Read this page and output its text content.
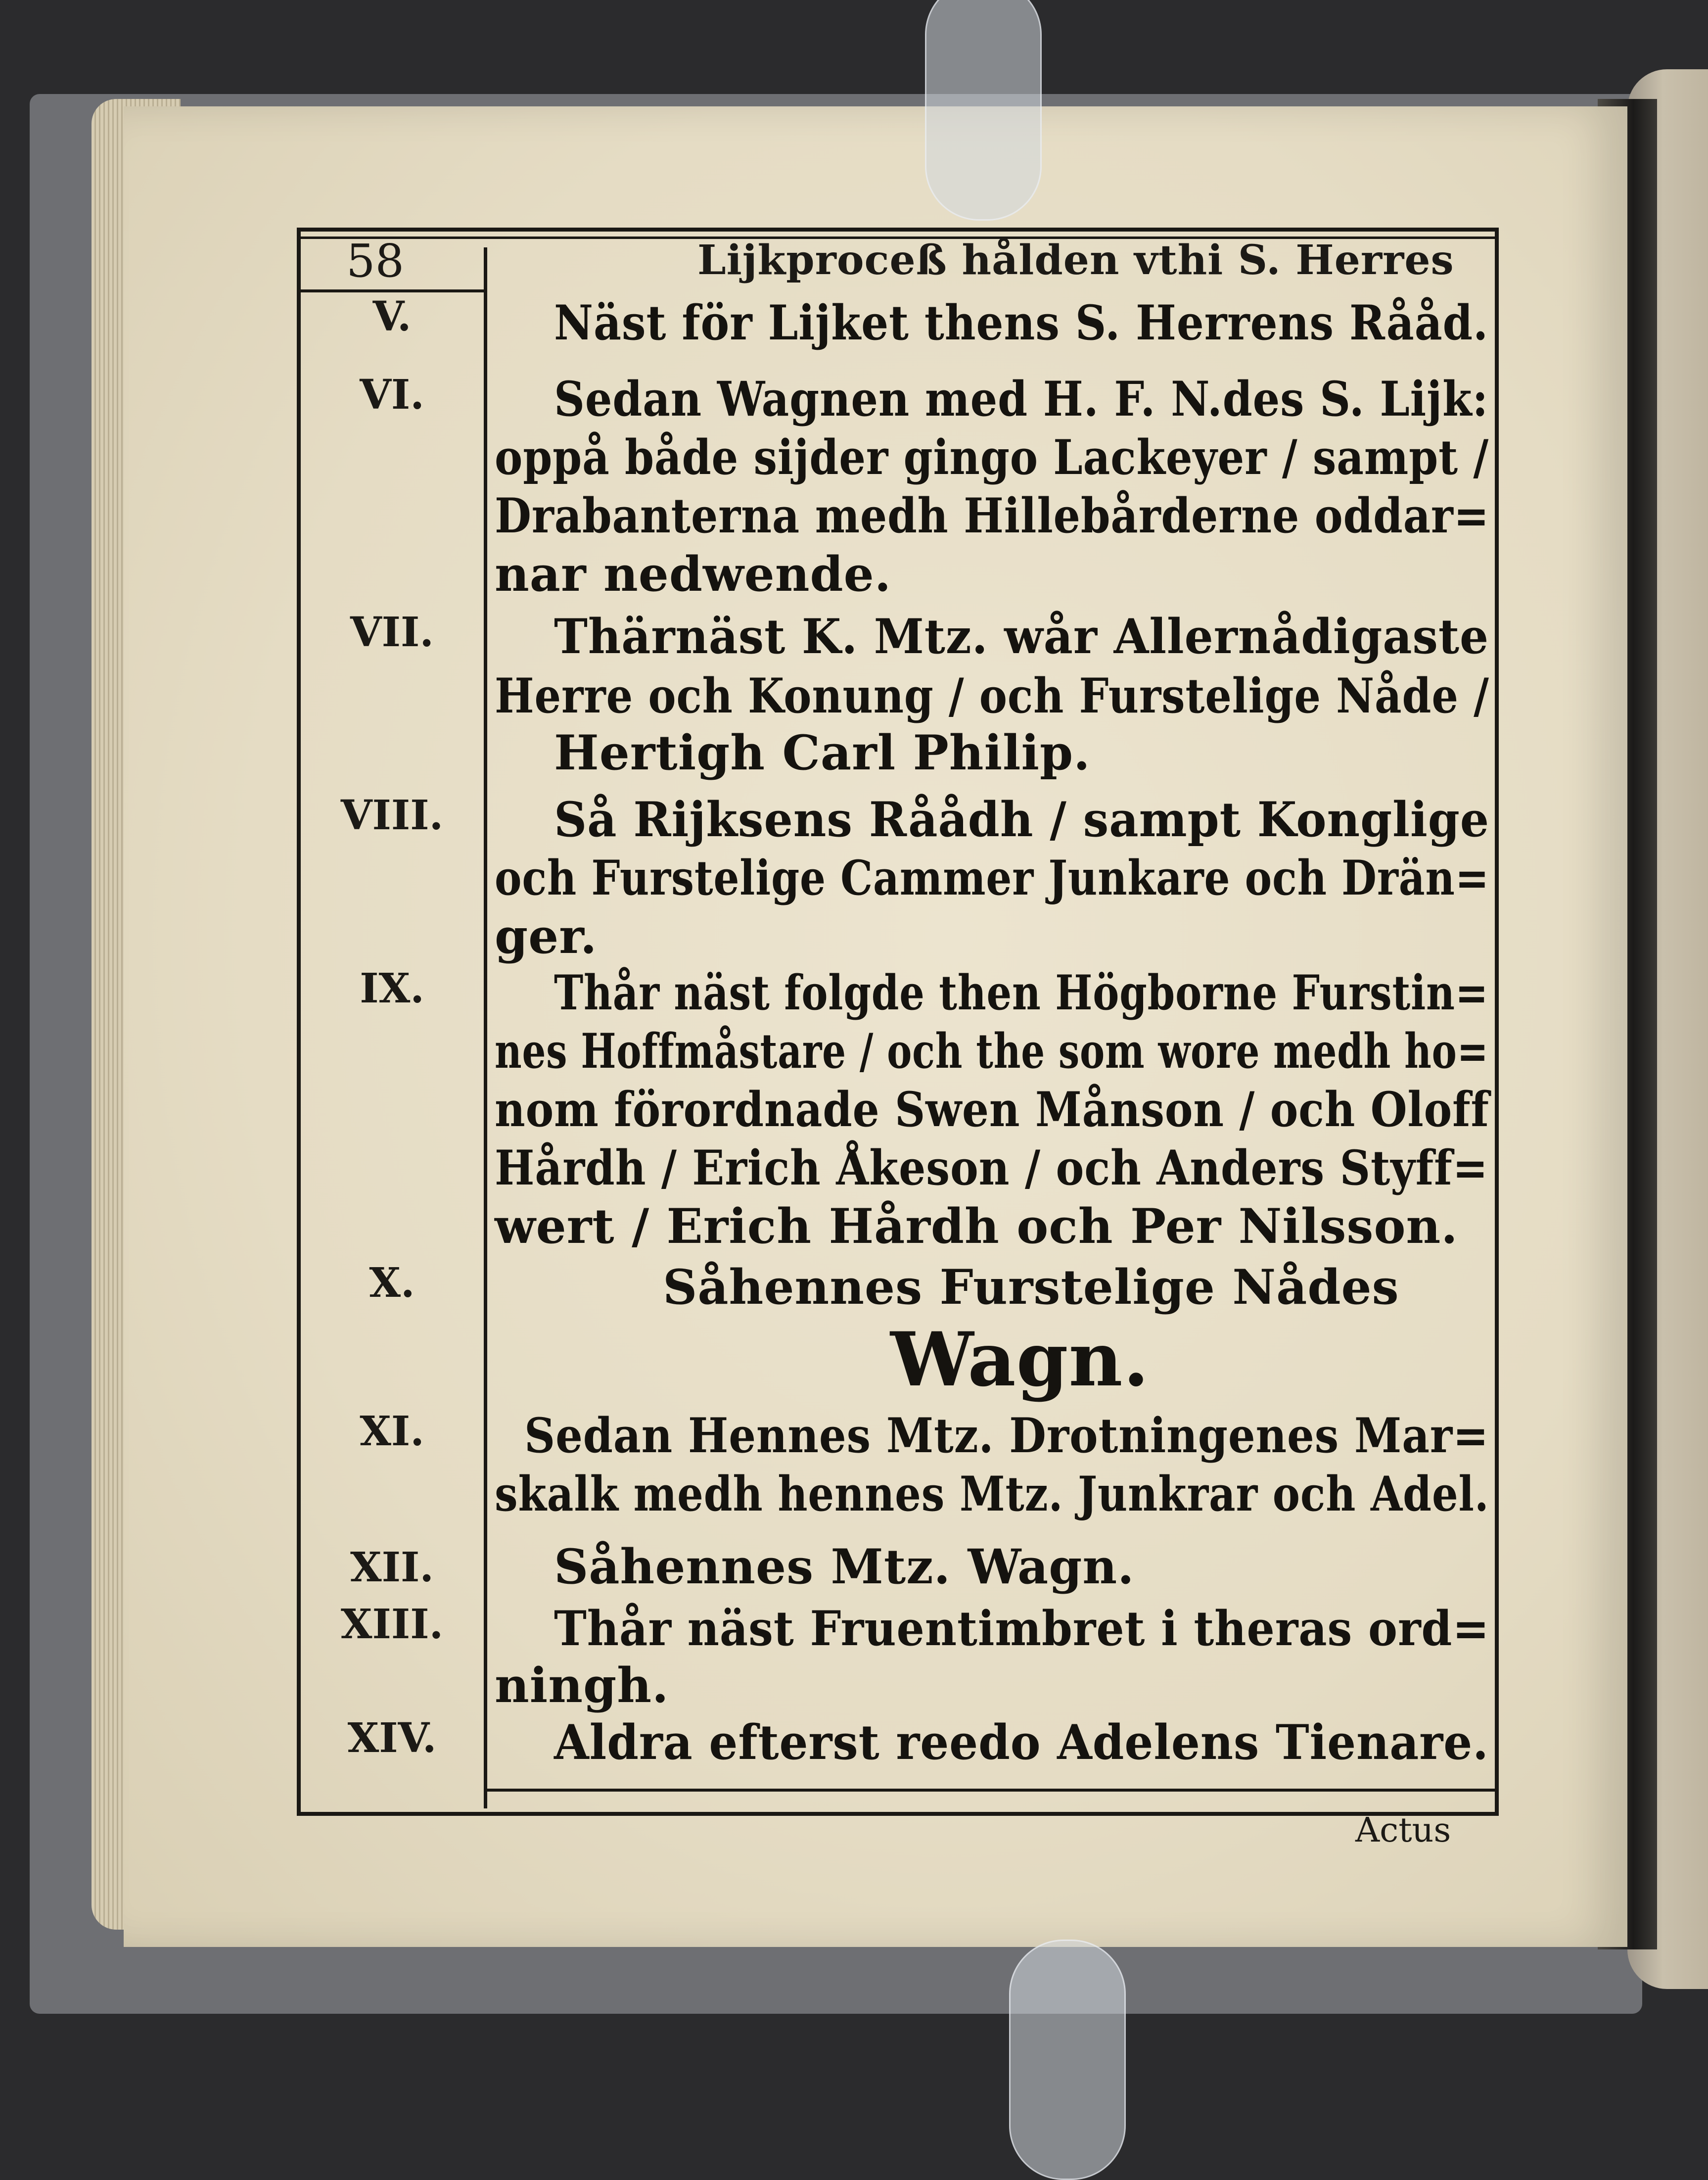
58	Lijkproceß hålden vthi S. Herres
V.
VI.
VII.
VIII.
IX.
X.
XI.
XII.
XIII.
XIV.
Näst för Lijket thens S. Herrens Rååd.
Sedan Wagnen med H. F. N.des S. Lijk:
oppå både sijder gingo Lackeyer / sampt /
Drabanterna medh Hillebårderne oddar=
nar nedwende.
Thärnäst K. Mtz. wår Allernådigaste
Herre och Konung / och Furstelige Nåde /
Hertigh Carl Philip.
Så Rijksens Råådh / sampt Konglige
och Furstelige Cammer Junkare och Drän=
ger.
Thår näst folgde then Högborne Furstin=
nes Hoffmåstare / och the som wore medh ho=
nom förordnade Swen Månson / och Oloff
Hårdh / Erich Åkeson / och Anders Styff=
wert / Erich Hårdh och Per Nilsson.
Såhennes Furstelige Nådes
Wagn.
Sedan Hennes Mtz. Drotningenes Mar=
skalk medh hennes Mtz. Junkrar och Adel.
Såhennes Mtz. Wagn.
Thår näst Fruentimbret i theras ord=
ningh.
Aldra efterst reedo Adelens Tienare.
Actus
